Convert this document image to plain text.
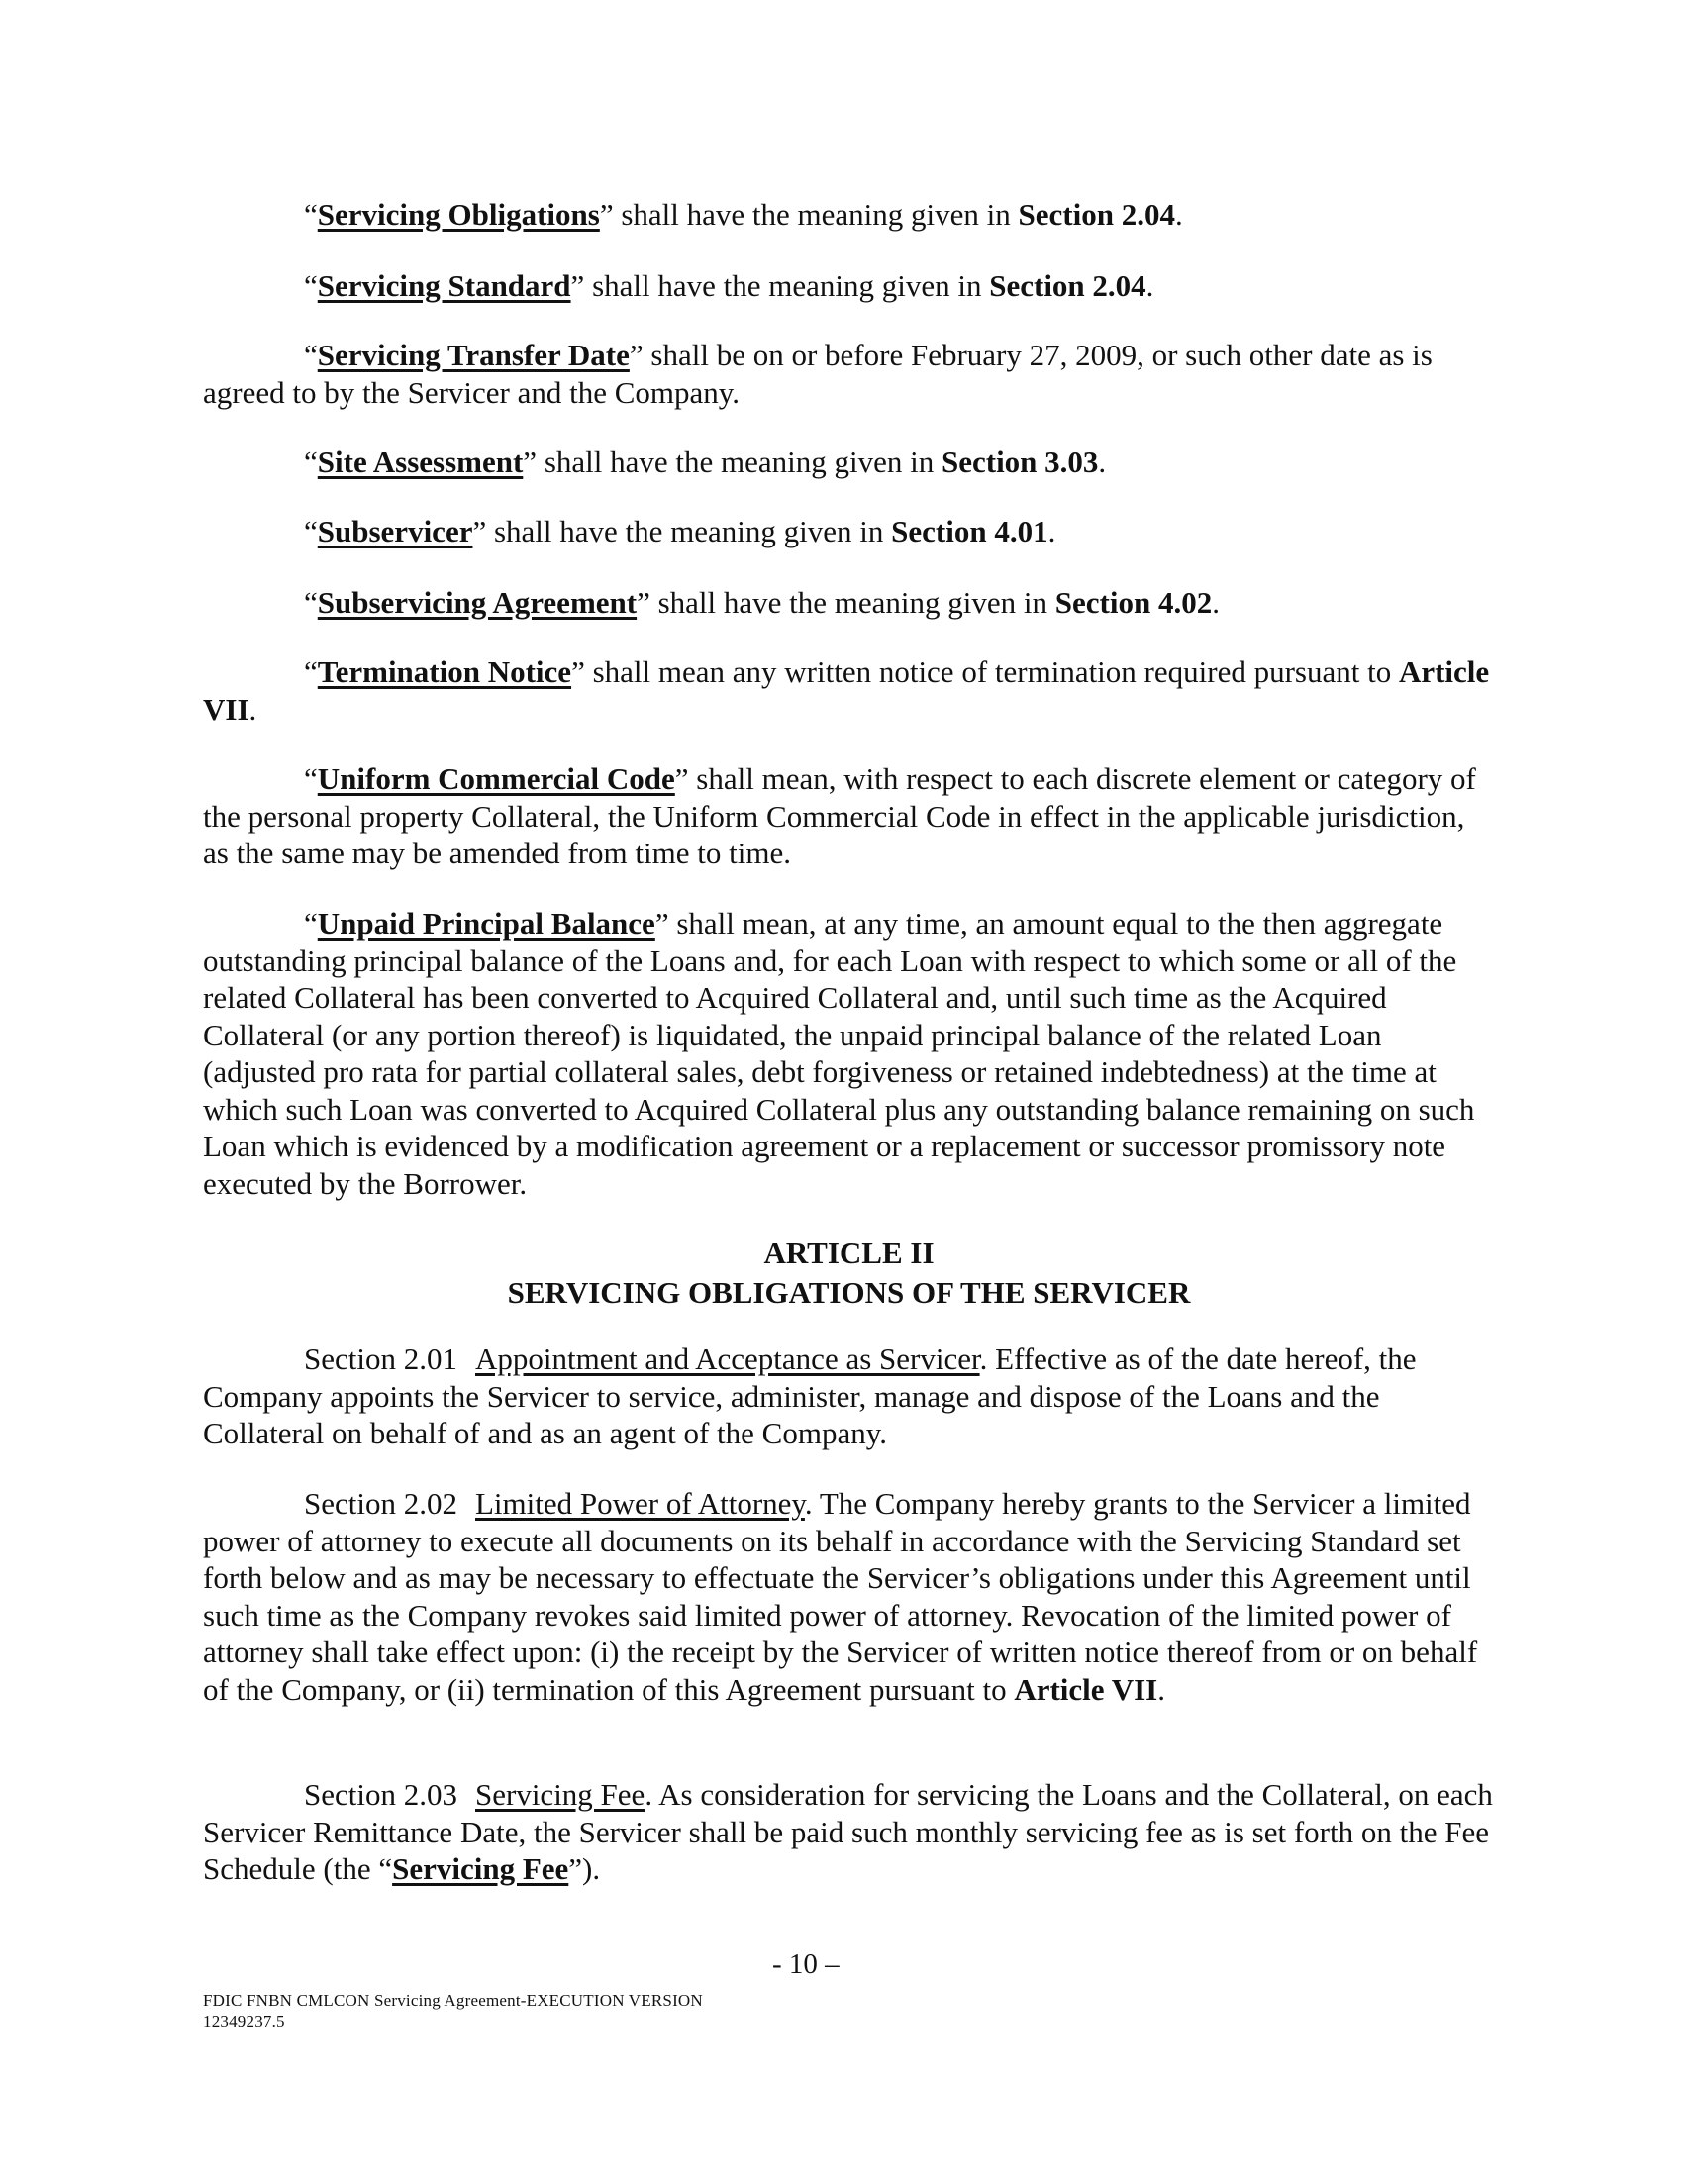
“Servicing Obligations” shall have the meaning given in Section 2.04.

“Servicing Standard” shall have the meaning given in Section 2.04.

“Servicing Transfer Date” shall be on or before February 27, 2009, or such other date as is agreed to by the Servicer and the Company.

“Site Assessment” shall have the meaning given in Section 3.03.

“Subservicer” shall have the meaning given in Section 4.01.

“Subservicing Agreement” shall have the meaning given in Section 4.02.

“Termination Notice” shall mean any written notice of termination required pursuant to Article VII.

“Uniform Commercial Code” shall mean, with respect to each discrete element or category of the personal property Collateral, the Uniform Commercial Code in effect in the applicable jurisdiction, as the same may be amended from time to time.

“Unpaid Principal Balance” shall mean, at any time, an amount equal to the then aggregate outstanding principal balance of the Loans and, for each Loan with respect to which some or all of the related Collateral has been converted to Acquired Collateral and, until such time as the Acquired Collateral (or any portion thereof) is liquidated, the unpaid principal balance of the related Loan (adjusted pro rata for partial collateral sales, debt forgiveness or retained indebtedness) at the time at which such Loan was converted to Acquired Collateral plus any outstanding balance remaining on such Loan which is evidenced by a modification agreement or a replacement or successor promissory note executed by the Borrower.

ARTICLE II
SERVICING OBLIGATIONS OF THE SERVICER

Section 2.01 Appointment and Acceptance as Servicer. Effective as of the date hereof, the Company appoints the Servicer to service, administer, manage and dispose of the Loans and the Collateral on behalf of and as an agent of the Company.

Section 2.02 Limited Power of Attorney. The Company hereby grants to the Servicer a limited power of attorney to execute all documents on its behalf in accordance with the Servicing Standard set forth below and as may be necessary to effectuate the Servicer’s obligations under this Agreement until such time as the Company revokes said limited power of attorney. Revocation of the limited power of attorney shall take effect upon: (i) the receipt by the Servicer of written notice thereof from or on behalf of the Company, or (ii) termination of this Agreement pursuant to Article VII.

Section 2.03 Servicing Fee. As consideration for servicing the Loans and the Collateral, on each Servicer Remittance Date, the Servicer shall be paid such monthly servicing fee as is set forth on the Fee Schedule (the “Servicing Fee”).

- 10 –
FDIC FNBN CMLCON Servicing Agreement-EXECUTION VERSION
12349237.5
